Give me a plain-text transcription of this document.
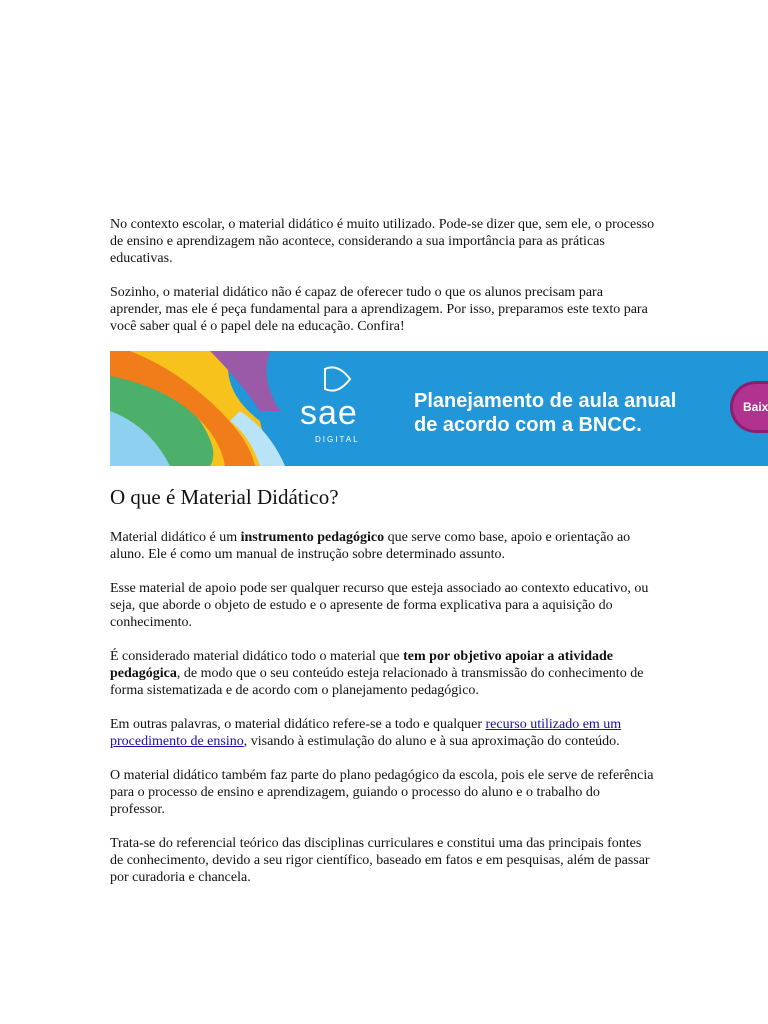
No contexto escolar, o material didático é muito utilizado. Pode-se dizer que, sem ele, o processo de ensino e aprendizagem não acontece, considerando a sua importância para as práticas educativas.

Sozinho, o material didático não é capaz de oferecer tudo o que os alunos precisam para aprender, mas ele é peça fundamental para a aprendizagem. Por isso, preparamos este texto para você saber qual é o papel dele na educação. Confira!

sae
DIGITAL
Planejamento de aula anual
de acordo com a BNCC.
Baix
O que é Material Didático?

Material didático é um instrumento pedagógico que serve como base, apoio e orientação ao aluno. Ele é como um manual de instrução sobre determinado assunto.

Esse material de apoio pode ser qualquer recurso que esteja associado ao contexto educativo, ou seja, que aborde o objeto de estudo e o apresente de forma explicativa para a aquisição do conhecimento.

É considerado material didático todo o material que tem por objetivo apoiar a atividade pedagógica, de modo que o seu conteúdo esteja relacionado à transmissão do conhecimento de forma sistematizada e de acordo com o planejamento pedagógico.

Em outras palavras, o material didático refere-se a todo e qualquer recurso utilizado em um procedimento de ensino, visando à estimulação do aluno e à sua aproximação do conteúdo.

O material didático também faz parte do plano pedagógico da escola, pois ele serve de referência para o processo de ensino e aprendizagem, guiando o processo do aluno e o trabalho do professor.

Trata-se do referencial teórico das disciplinas curriculares e constitui uma das principais fontes de conhecimento, devido a seu rigor científico, baseado em fatos e em pesquisas, além de passar por curadoria e chancela.
